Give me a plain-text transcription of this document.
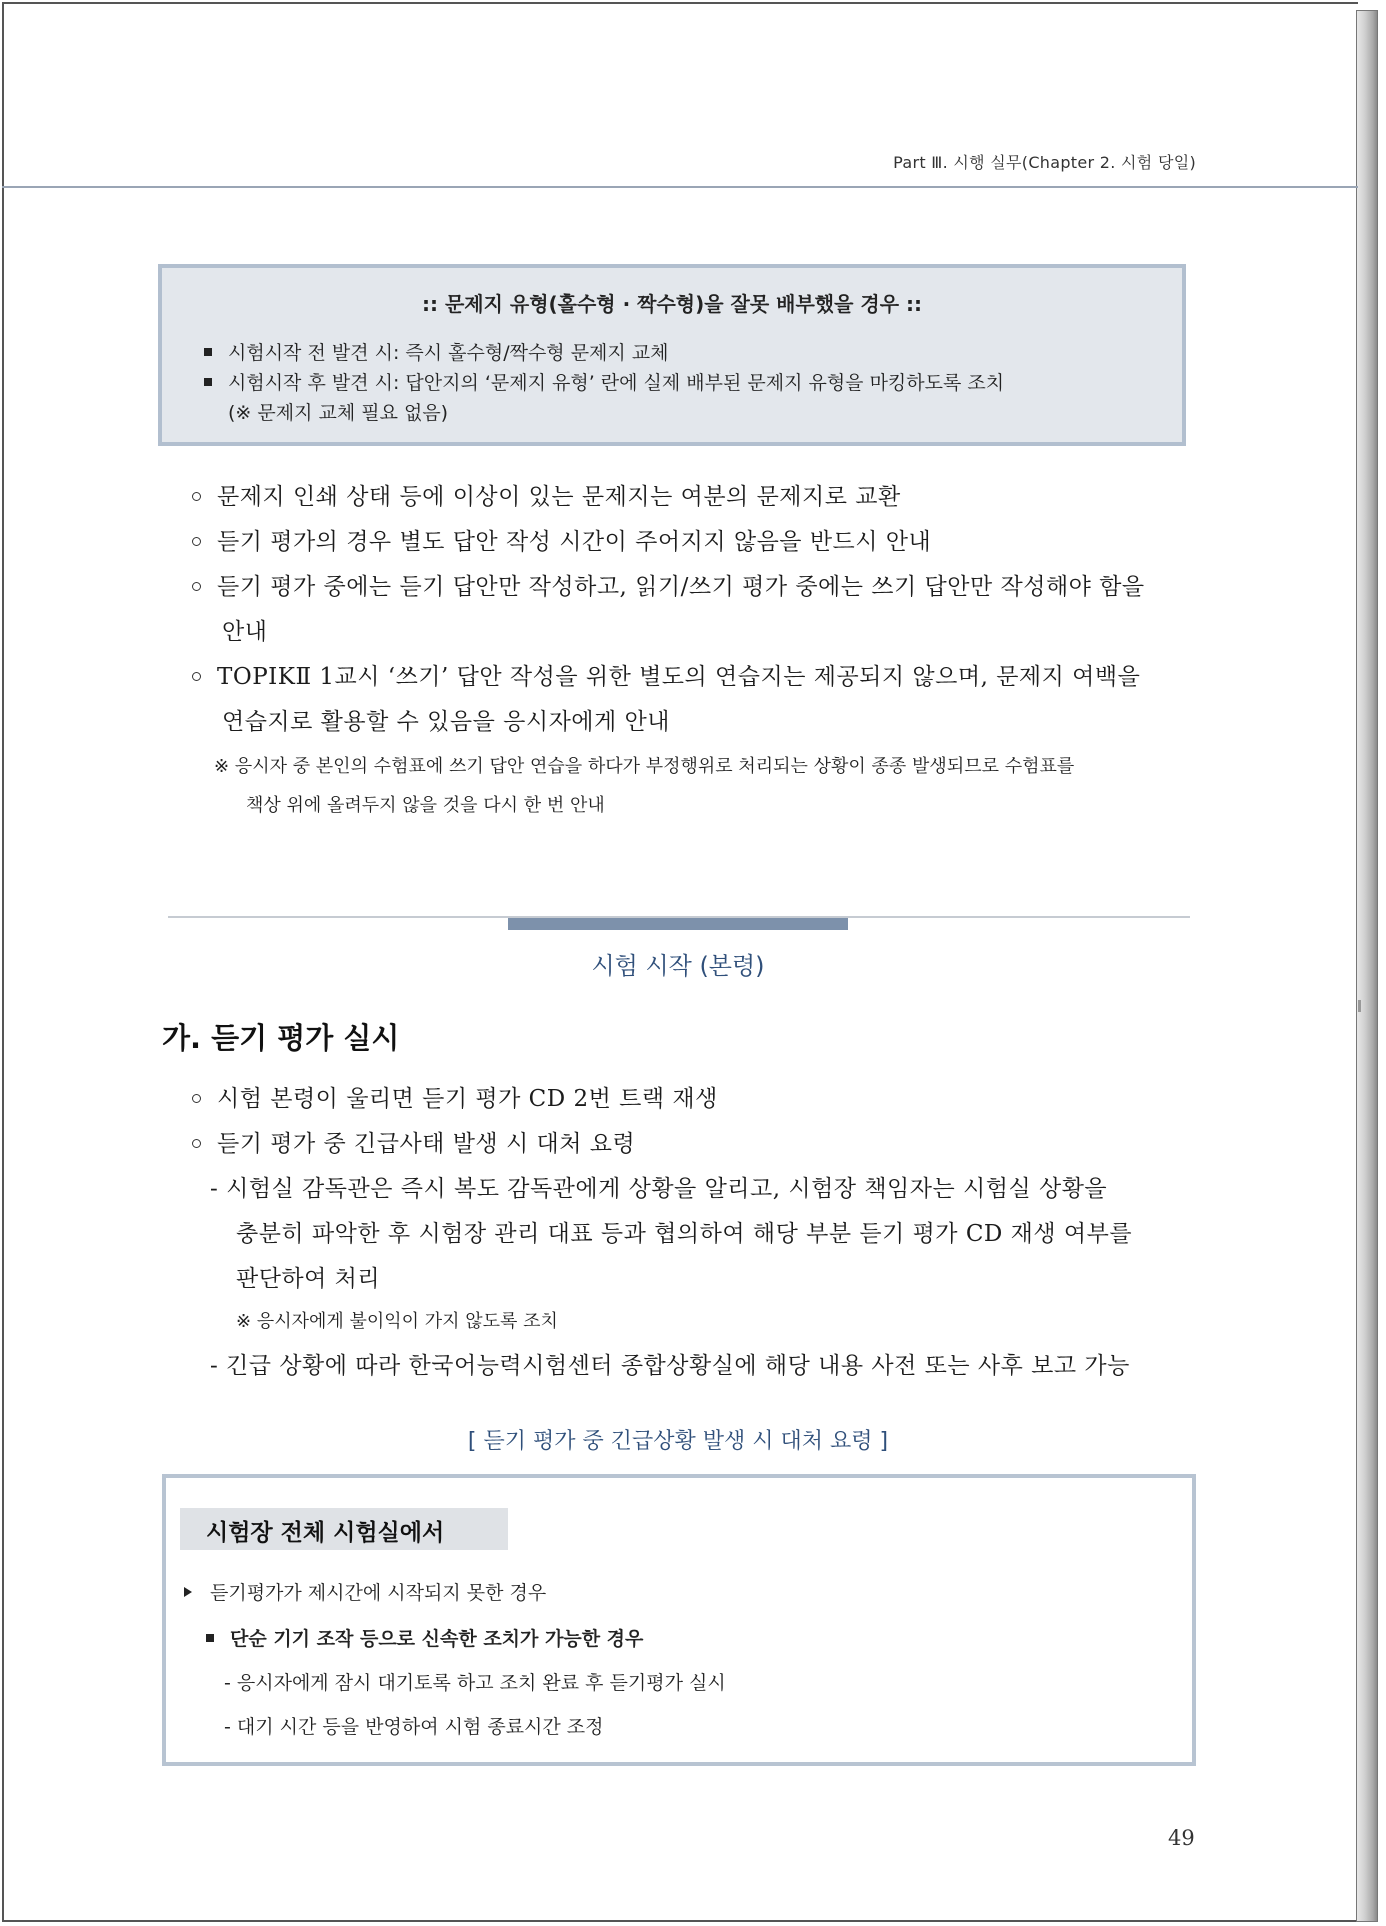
Part Ⅲ. 시행 실무(Chapter 2. 시험 당일)
:: 문제지 유형(홀수형 · 짝수형)을 잘못 배부했을 경우 ::
시험시작 전 발견 시: 즉시 홀수형/짝수형 문제지 교체
시험시작 후 발견 시: 답안지의 ‘문제지 유형’ 란에 실제 배부된 문제지 유형을 마킹하도록 조치
(※ 문제지 교체 필요 없음)
문제지 인쇄 상태 등에 이상이 있는 문제지는 여분의 문제지로 교환
듣기 평가의 경우 별도 답안 작성 시간이 주어지지 않음을 반드시 안내
듣기 평가 중에는 듣기 답안만 작성하고, 읽기/쓰기 평가 중에는 쓰기 답안만 작성해야 함을
안내
TOPIKⅡ 1교시 ‘쓰기’ 답안 작성을 위한 별도의 연습지는 제공되지 않으며, 문제지 여백을
연습지로 활용할 수 있음을 응시자에게 안내
※ 응시자 중 본인의 수험표에 쓰기 답안 연습을 하다가 부정행위로 처리되는 상황이 종종 발생되므로 수험표를
책상 위에 올려두지 않을 것을 다시 한 번 안내
시험 시작 (본령)
가. 듣기 평가 실시
시험 본령이 울리면 듣기 평가 CD 2번 트랙 재생
듣기 평가 중 긴급사태 발생 시 대처 요령
- 시험실 감독관은 즉시 복도 감독관에게 상황을 알리고, 시험장 책임자는 시험실 상황을
충분히 파악한 후 시험장 관리 대표 등과 협의하여 해당 부분 듣기 평가 CD 재생 여부를
판단하여 처리
※ 응시자에게 불이익이 가지 않도록 조치
- 긴급 상황에 따라 한국어능력시험센터 종합상황실에 해당 내용 사전 또는 사후 보고 가능
[ 듣기 평가 중 긴급상황 발생 시 대처 요령 ]
시험장 전체 시험실에서
듣기평가가 제시간에 시작되지 못한 경우
단순 기기 조작 등으로 신속한 조치가 가능한 경우
- 응시자에게 잠시 대기토록 하고 조치 완료 후 듣기평가 실시
- 대기 시간 등을 반영하여 시험 종료시간 조정
49
